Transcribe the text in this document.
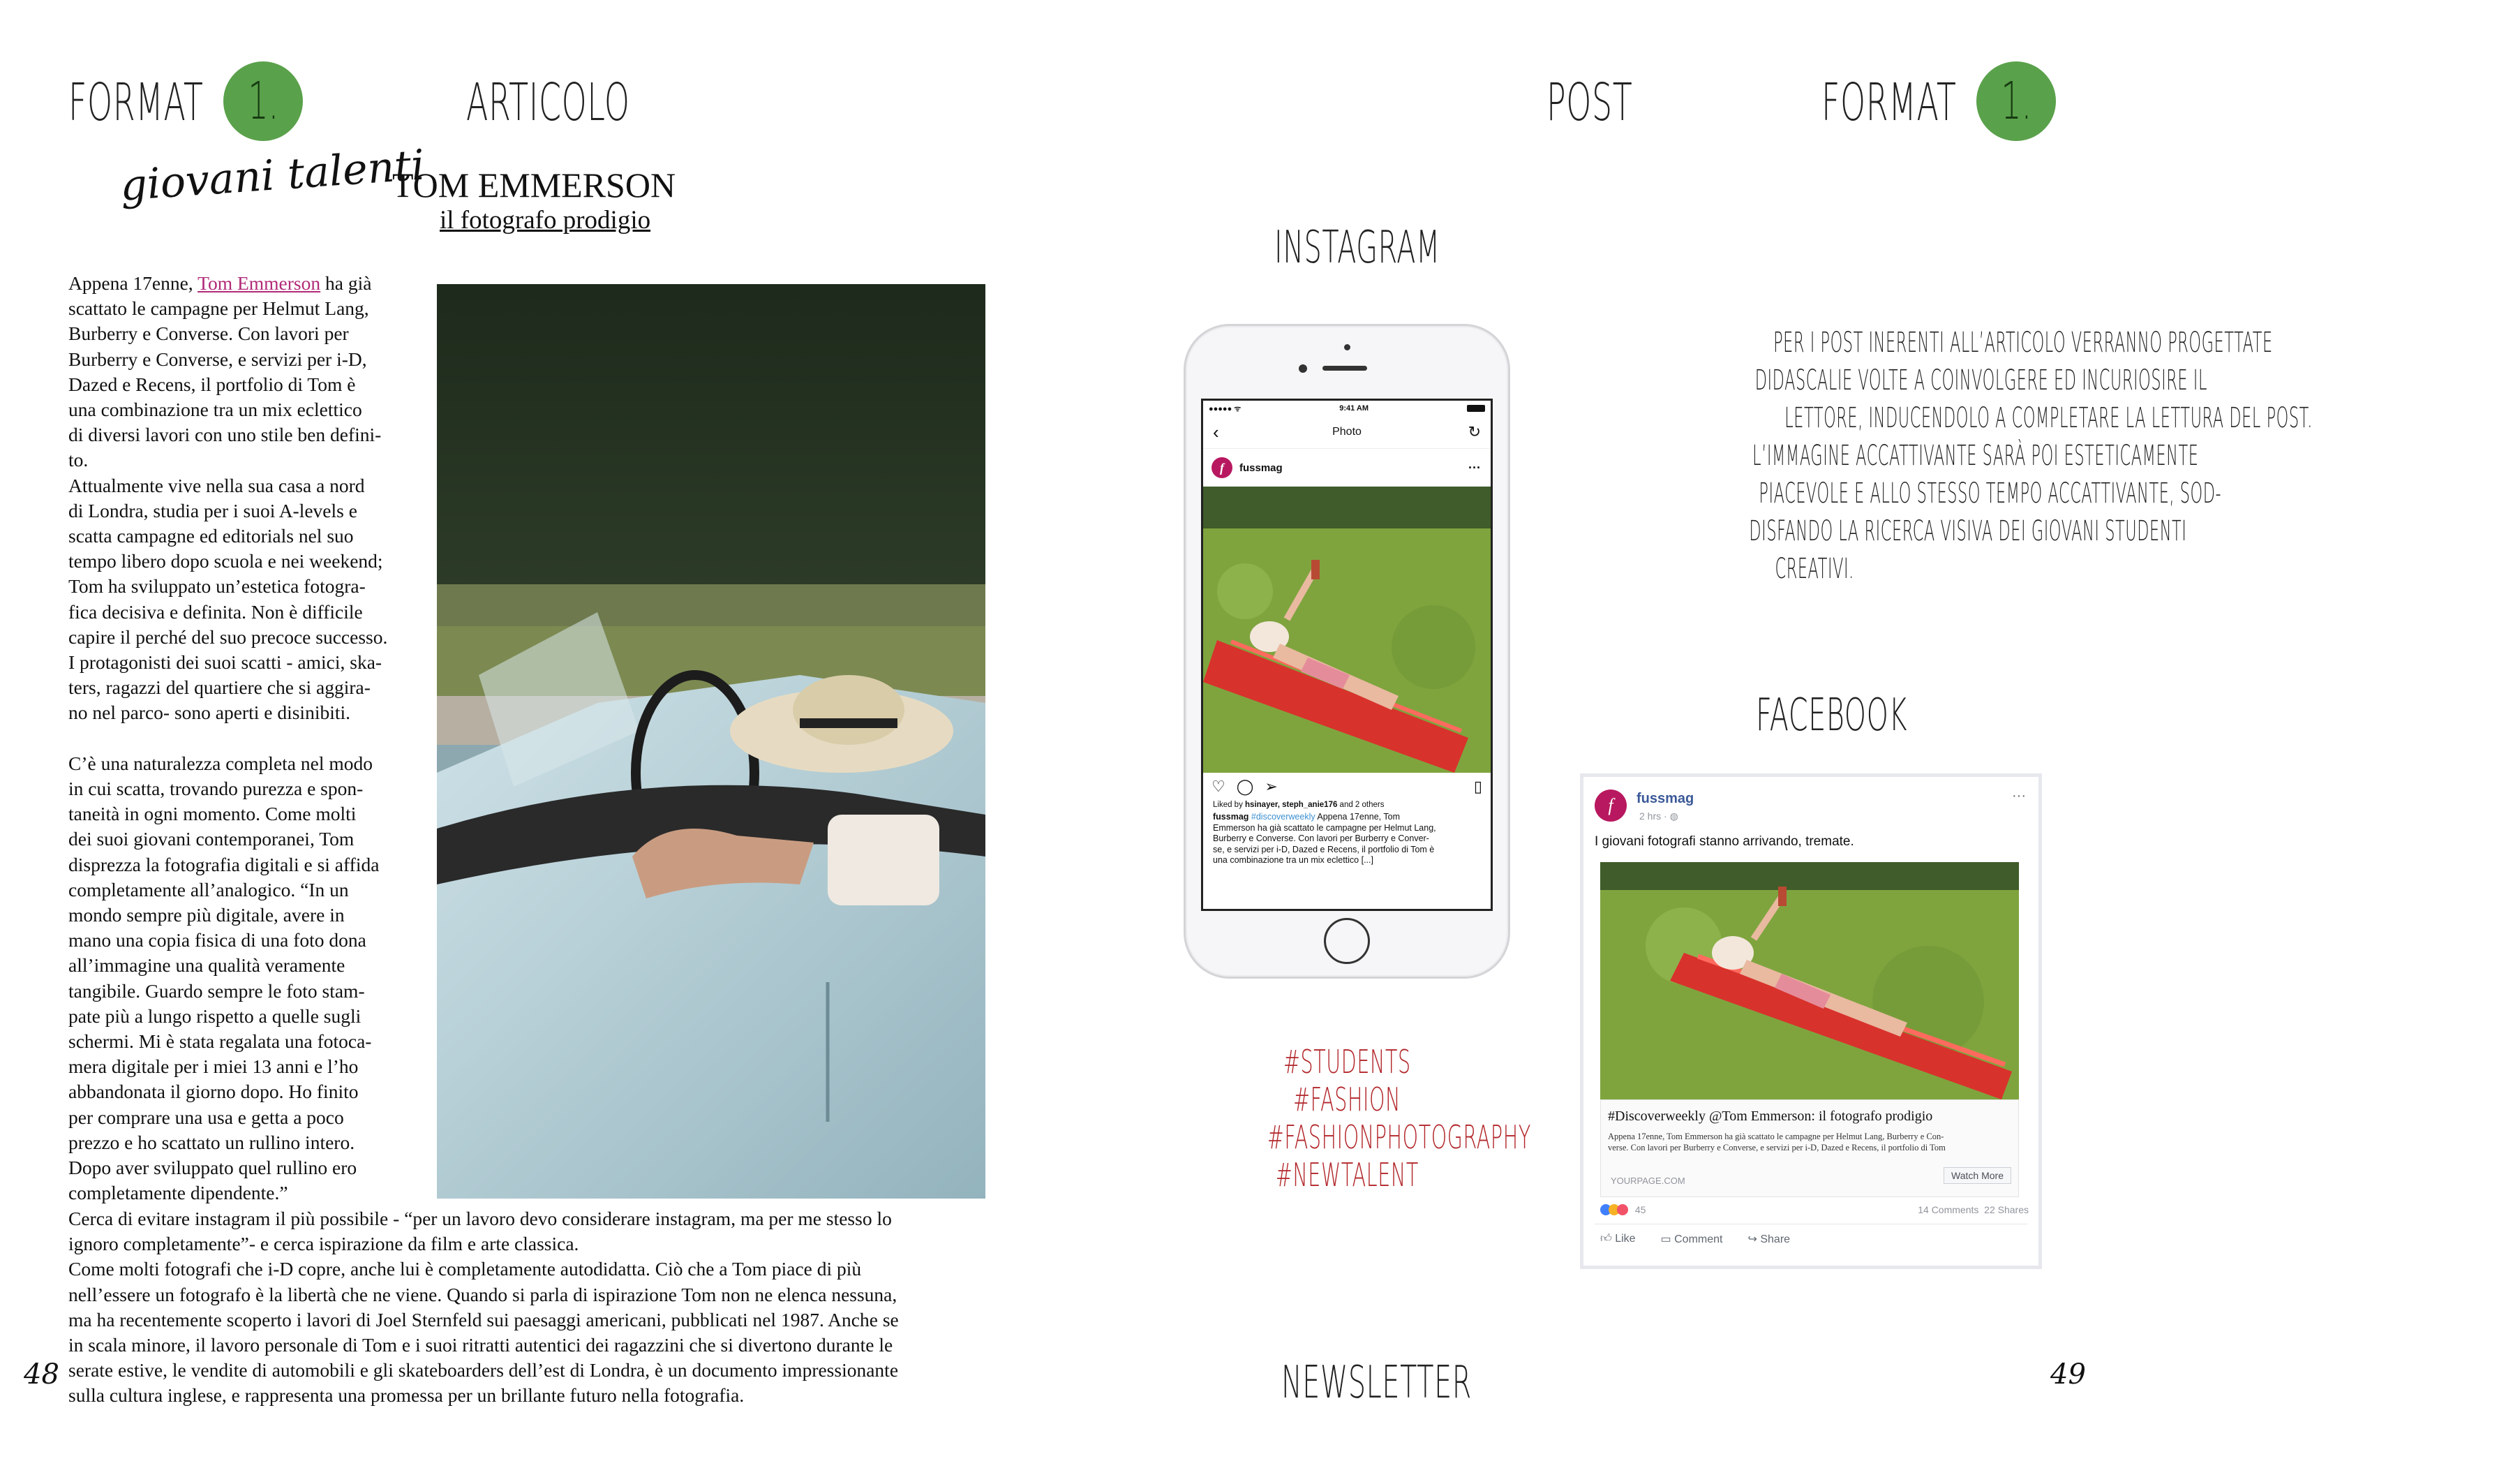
FORMAT 1.	ARTICOLO
giovani talenti
TOM EMMERSON
il fotografo prodigio
Appena 17enne, Tom Emmerson ha già
scattato le campagne per Helmut Lang,
Burberry e Converse. Con lavori per
Burberry e Converse, e servizi per i-D,
Dazed e Recens, il portfolio di Tom è
una combinazione tra un mix eclettico
di diversi lavori con uno stile ben defini-
to.
Attualmente vive nella sua casa a nord
di Londra, studia per i suoi A-levels e
scatta campagne ed editorials nel suo
tempo libero dopo scuola e nei weekend;
Tom ha sviluppato un’estetica fotogra-
fica decisiva e definita. Non è difficile
capire il perché del suo precoce successo.
I protagonisti dei suoi scatti - amici, ska-
ters, ragazzi del quartiere che si aggira-
no nel parco- sono aperti e disinibiti.
C’è una naturalezza completa nel modo
in cui scatta, trovando purezza e spon-
taneità in ogni momento. Come molti
dei suoi giovani contemporanei, Tom
disprezza la fotografia digitali e si affida
completamente all’analogico. “In un
mondo sempre più digitale, avere in
mano una copia fisica di una foto dona
all’immagine una qualità veramente
tangibile. Guardo sempre le foto stam-
pate più a lungo rispetto a quelle sugli
schermi. Mi è stata regalata una fotoca-
mera digitale per i miei 13 anni e l’ho
abbandonata il giorno dopo. Ho finito
per comprare una usa e getta a poco
prezzo e ho scattato un rullino intero.
Dopo aver sviluppato quel rullino ero
completamente dipendente.”
Cerca di evitare instagram il più possibile - “per un lavoro devo considerare instagram, ma per me stesso lo
ignoro completamente”- e cerca ispirazione da film e arte classica.
Come molti fotografi che i-D copre, anche lui è completamente autodidatta. Ciò che a Tom piace di più
nell’essere un fotografo è la libertà che ne viene. Quando si parla di ispirazione Tom non ne elenca nessuna,
ma ha recentemente scoperto i lavori di Joel Sternfeld sui paesaggi americani, pubblicati nel 1987. Anche se
in scala minore, il lavoro personale di Tom e i suoi ritratti autentici dei ragazzini che si divertono durante le
serate estive, le vendite di automobili e gli skateboarders dell’est di Londra, è un documento impressionante
sulla cultura inglese, e rappresenta una promessa per un brillante futuro nella fotografia.
48
POST	FORMAT 1.
INSTAGRAM
●●●●● ᯤ	9:41 AM
‹	Photo	↻
f	fussmag	···
♡ ◯ ➢	▯
Liked by hsinayer, steph_anie176 and 2 others
fussmag #discoverweekly Appena 17enne, Tom
Emmerson ha già scattato le campagne per Helmut Lang,
Burberry e Converse. Con lavori per Burberry e Conver-
se, e servizi per i-D, Dazed e Recens, il portfolio di Tom è
una combinazione tra un mix eclettico [...]
#STUDENTS
#FASHION
#FASHIONPHOTOGRAPHY
#NEWTALENT
PER I POST INERENTI ALL’ARTICOLO VERRANNO PROGETTATE
DIDASCALIE VOLTE A COINVOLGERE ED INCURIOSIRE IL
LETTORE, INDUCENDOLO A COMPLETARE LA LETTURA DEL POST.
L’IMMAGINE ACCATTIVANTE SARÀ POI ESTETICAMENTE
PIACEVOLE E ALLO STESSO TEMPO ACCATTIVANTE, SOD-
DISFANDO LA RICERCA VISIVA DEI GIOVANI STUDENTI
CREATIVI.
FACEBOOK
f	fussmag
2 hrs · ◍
···
I giovani fotografi stanno arrivando, tremate.
#Discoverweekly @Tom Emmerson: il fotografo prodigio
Appena 17enne, Tom Emmerson ha già scattato le campagne per Helmut Lang, Burberry e Con-
verse. Con lavori per Burberry e Converse, e servizi per i-D, Dazed e Recens, il portfolio di Tom
YOURPAGE.COM	Watch More
45	14 Comments 22 Shares
👍︎ Like ▭ Comment ↪ Share
NEWSLETTER	49
